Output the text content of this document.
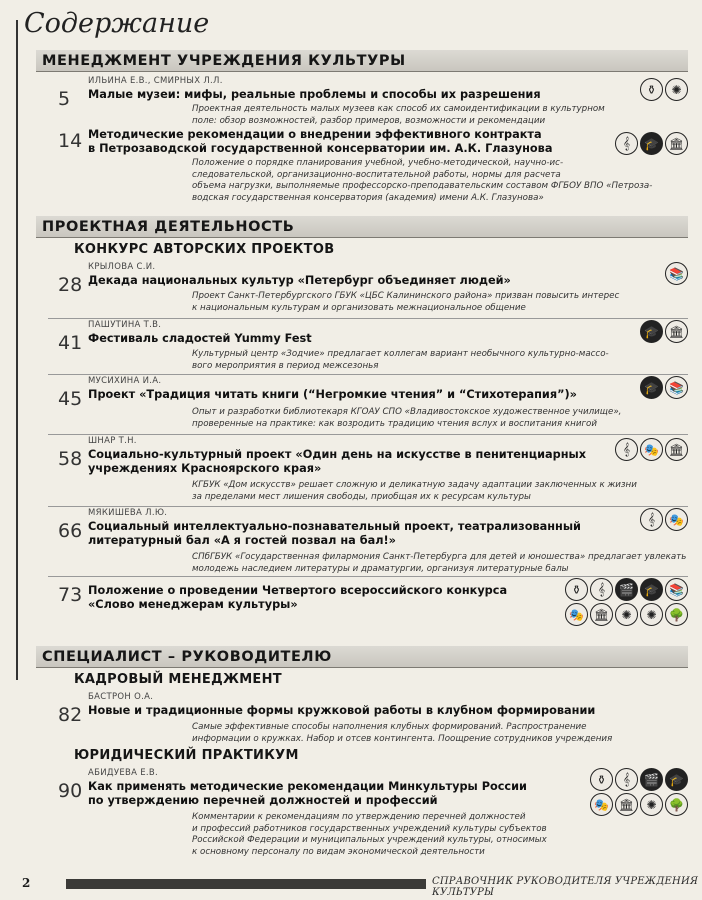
Содержание
МЕНЕДЖМЕНТ УЧРЕЖДЕНИЯ КУЛЬТУРЫ
ИЛЬИНА Е.В., СМИРНЫХ Л.Л.
5	Малые музеи: мифы, реальные проблемы и способы их разрешения
Проектная деятельность малых музеев как способ их самоидентификации в культурном
поле: обзор возможностей, разбор примеров, возможности и рекомендации
⚱	✺
14 Методические рекомендации о внедрении эффективного контракта
в Петрозаводской государственной консерватории им. А.К. Глазунова
Положение о порядке планирования учебной, учебно-методической, научно-ис-
следовательской, организационно-воспитательной работы, нормы для расчета
объема нагрузки, выполняемые профессорско-преподавательским составом ФГБОУ ВПО «Петроза-
водская государственная консерватория (академия) имени А.К. Глазунова»
𝄞	🎓 🏛
ПРОЕКТНАЯ ДЕЯТЕЛЬНОСТЬ
КОНКУРС АВТОРСКИХ ПРОЕКТОВ
КРЫЛОВА С.И.
28 Декада национальных культур «Петербург объединяет людей»
Проект Санкт-Петербургского ГБУК «ЦБС Калининского района» призван повысить интерес
к национальным культурам и организовать межнациональное общение
📚
ПАШУТИНА Т.В.
41 Фестиваль сладостей Yummy Fest
Культурный центр «Зодчие» предлагает коллегам вариант необычного культурно-массо-
вого мероприятия в период межсезонья
🎓 🏛
МУСИХИНА И.А.
45 Проект «Традиция читать книги (“Негромкие чтения” и “Стихотерапия”)»
Опыт и разработки библиотекаря КГОАУ СПО «Владивостокское художественное училище»,
проверенные на практике: как возродить традицию чтения вслух и воспитания книгой
🎓 📚
ШНАР Т.Н.
58 Социально-культурный проект «Один день на искусстве в пенитенциарных
учреждениях Красноярского края»
КГБУК «Дом искусств» решает сложную и деликатную задачу адаптации заключенных к жизни
за пределами мест лишения свободы, приобщая их к ресурсам культуры
𝄞	🎭 🏛
МЯКИШЕВА Л.Ю.
66 Социальный интеллектуально-познавательный проект, театрализованный
литературный бал «А я гостей позвал на бал!»
СПбГБУК «Государственная филармония Санкт-Петербурга для детей и юношества» предлагает увлекать
молодежь наследием литературы и драматургии, организуя литературные балы
𝄞	🎭
73 Положение о проведении Четвертого всероссийского конкурса
«Слово менеджерам культуры»
⚱	𝄞	🎬 🎓 📚
🎭 🏛	✺	✺	🌳
СПЕЦИАЛИСТ – РУКОВОДИТЕЛЮ
КАДРОВЫЙ МЕНЕДЖМЕНТ
БАСТРОН О.А.
82 Новые и традиционные формы кружковой работы в клубном формировании
Самые эффективные способы наполнения клубных формирований. Распространение
информации о кружках. Набор и отсев контингента. Поощрение сотрудников учреждения
ЮРИДИЧЕСКИЙ ПРАКТИКУМ
АБИДУЕВА Е.В.
90 Как применять методические рекомендации Минкультуры России
по утверждению перечней должностей и профессий
Комментарии к рекомендациям по утверждению перечней должностей
и профессий работников государственных учреждений культуры субъектов
Российской Федерации и муниципальных учреждений культуры, относимых
к основному персоналу по видам экономической деятельности
⚱	𝄞	🎬 🎓
🎭 🏛	✺	🌳
2	СПРАВОЧНИК РУКОВОДИТЕЛЯ УЧРЕЖДЕНИЯ КУЛЬТУРЫ
